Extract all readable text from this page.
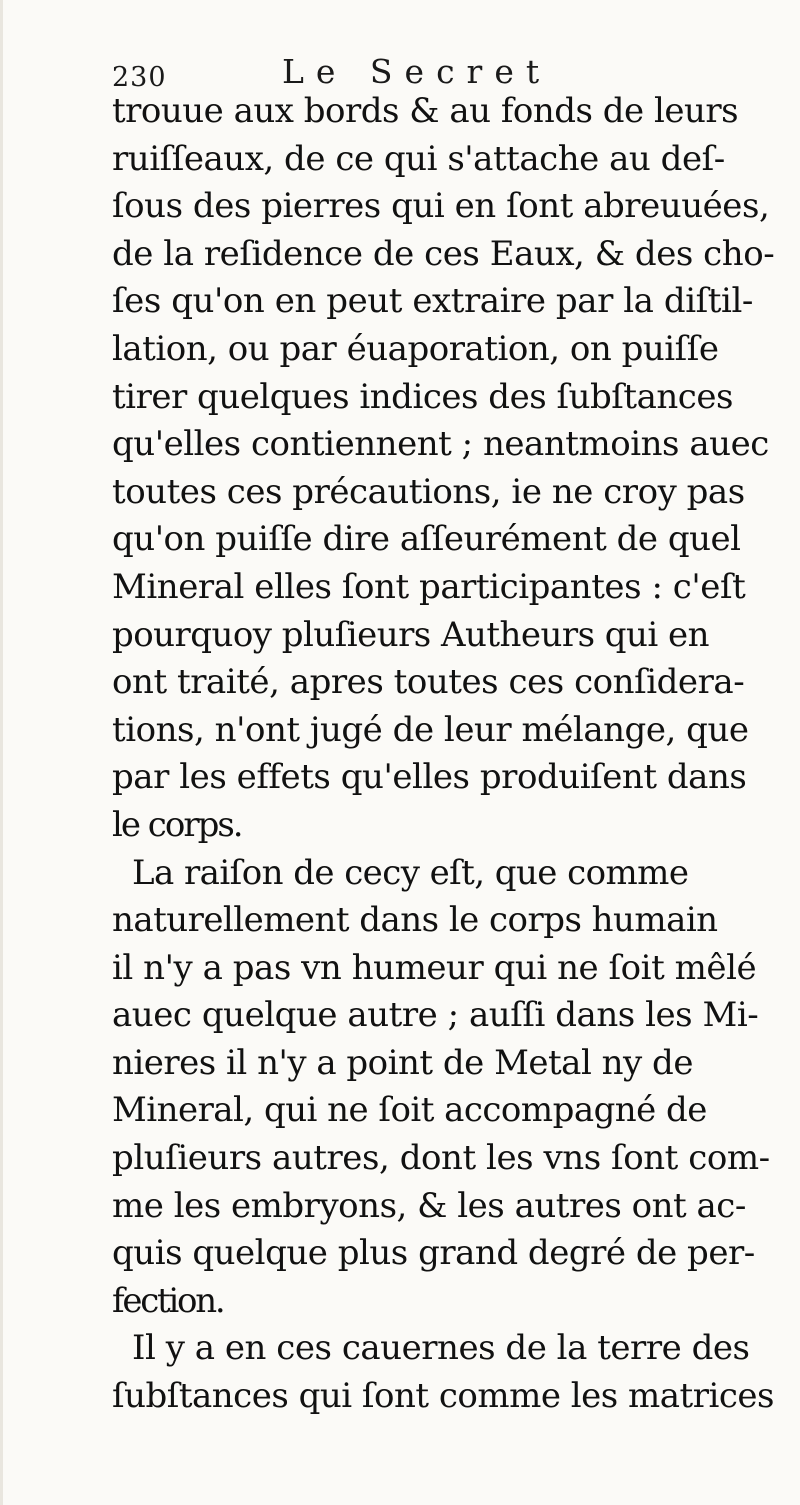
230	Le Secret
trouue aux bords & au fonds de leurs
ruiſſeaux, de ce qui s'attache au deſ-
ſous des pierres qui en ſont abreuuées,
de la reſidence de ces Eaux, & des cho-
ſes qu'on en peut extraire par la diſtil-
lation, ou par éuaporation, on puiſſe
tirer quelques indices des ſubſtances
qu'elles contiennent ; neantmoins auec
toutes ces précautions, ie ne croy pas
qu'on puiſſe dire aſſeurément de quel
Mineral elles ſont participantes : c'eſt
pourquoy pluſieurs Autheurs qui en
ont traité, apres toutes ces conſidera-
tions, n'ont jugé de leur mélange, que
par les effets qu'elles produiſent dans
le corps.
La raiſon de cecy eſt, que comme
naturellement dans le corps humain
il n'y a pas vn humeur qui ne ſoit mêlé
auec quelque autre ; auſſi dans les Mi-
nieres il n'y a point de Metal ny de
Mineral, qui ne ſoit accompagné de
pluſieurs autres, dont les vns ſont com-
me les embryons, & les autres ont ac-
quis quelque plus grand degré de per-
fection.
Il y a en ces cauernes de la terre des
ſubſtances qui ſont comme les matrices
